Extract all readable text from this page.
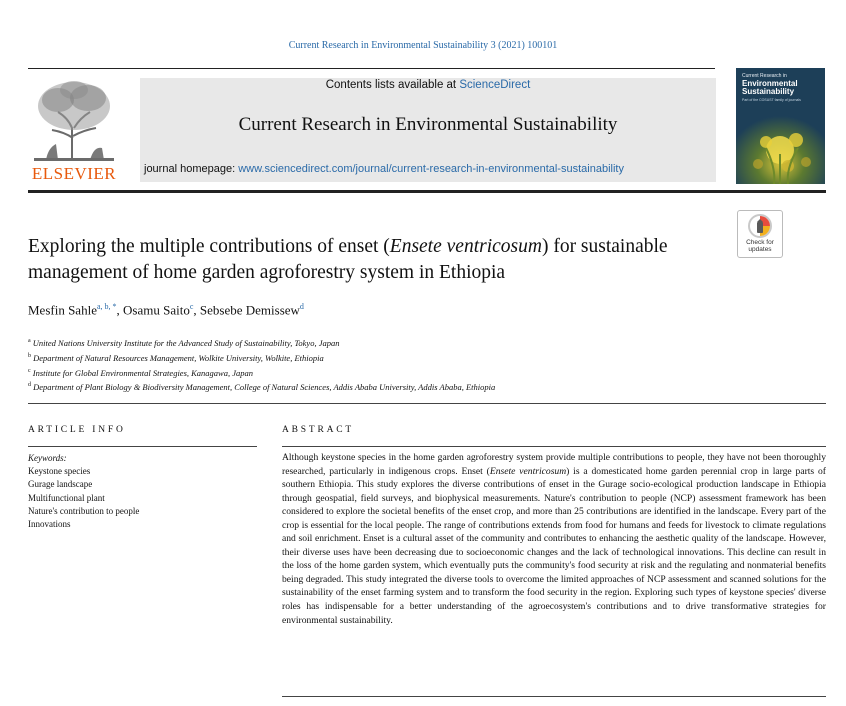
Current Research in Environmental Sustainability 3 (2021) 100101
ELSEVIER
Contents lists available at ScienceDirect
Current Research in Environmental Sustainability
journal homepage: www.sciencedirect.com/journal/current-research-in-environmental-sustainability
Current Research in
Environmental
Sustainability
Part of the COSUST family of journals
Check for
updates
Exploring the multiple contributions of enset (Ensete ventricosum) for sustainable management of home garden agroforestry system in Ethiopia
Mesfin Sahle$^{a, b, *}$, Osamu Saito$^c$, Sebsebe Demissew$^d$
$^a$ United Nations University Institute for the Advanced Study of Sustainability, Tokyo, Japan
$^b$ Department of Natural Resources Management, Wolkite University, Wolkite, Ethiopia
$^c$ Institute for Global Environmental Strategies, Kanagawa, Japan
$^d$ Department of Plant Biology & Biodiversity Management, College of Natural Sciences, Addis Ababa University, Addis Ababa, Ethiopia
ARTICLE INFO
Keywords:
Keystone species
Gurage landscape
Multifunctional plant
Nature's contribution to people
Innovations
ABSTRACT
Although keystone species in the home garden agroforestry system provide multiple contributions to people, they have not been thoroughly researched, particularly in indigenous crops. Enset (Ensete ventricosum) is a domesticated home garden perennial crop in large parts of southern Ethiopia. This study explores the diverse contributions of enset in the Gurage socio-ecological production landscape in Ethiopia through geospatial, field surveys, and biophysical measurements. Nature's contribution to people (NCP) assessment framework has been considered to explore the societal benefits of the enset crop, and more than 25 contributions are identified in the landscape. Every part of the crop is essential for the local people. The range of contributions extends from food for humans and feeds for livestock to climate regulations and soil enrichment. Enset is a cultural asset of the community and contributes to enhancing the aesthetic quality of the landscape. However, their diverse uses have been decreasing due to socioeconomic changes and the lack of technological innovations. This decline can result in the loss of the home garden system, which eventually puts the community's food security at risk and the regulating and nonmaterial benefits being degraded. This study integrated the diverse tools to overcome the limited approaches of NCP assessment and scanned solutions for the sustainability of the enset farming system and to transform the food security in the region. Exploring such types of keystone species' diverse roles has indispensable for a better understanding of the agroecosystem's contributions and to drive transformative strategies for environmental sustainability.
